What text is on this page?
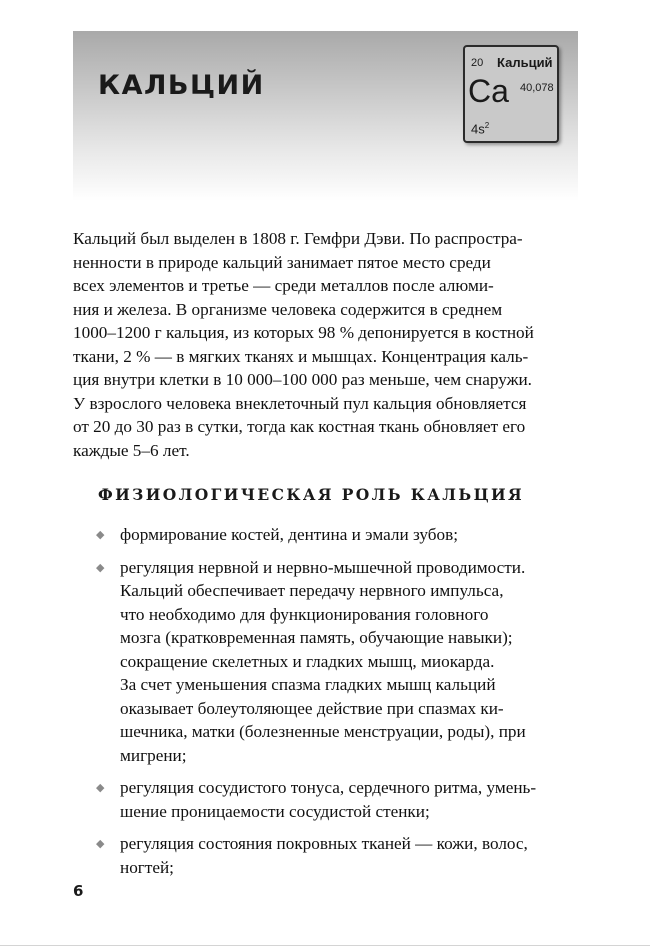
КАЛЬЦИЙ
20 Кальций
Ca 40,078
$4s^2$

Кальций был выделен в 1808 г. Гемфри Дэви. По распростра-
ненности в природе кальций занимает пятое место среди
всех элементов и третье — среди металлов после алюми-
ния и железа. В организме человека содержится в среднем
1000–1200 г кальция, из которых 98 % депонируется в костной
ткани, 2 % — в мягких тканях и мышцах. Концентрация каль-
ция внутри клетки в 10 000–100 000 раз меньше, чем снаружи.
У взрослого человека внеклеточный пул кальция обновляется
от 20 до 30 раз в сутки, тогда как костная ткань обновляет его
каждые 5–6 лет.

ФИЗИОЛОГИЧЕСКАЯ РОЛЬ КАЛЬЦИЯ
◆ формирование костей, дентина и эмали зубов;
◆ регуляция нервной и нервно-мышечной проводимости.
Кальций обеспечивает передачу нервного импульса,
что необходимо для функционирования головного
мозга (кратковременная память, обучающие навыки);
сокращение скелетных и гладких мышц, миокарда.
За счет уменьшения спазма гладких мышц кальций
оказывает болеутоляющее действие при спазмах ки-
шечника, матки (болезненные менструации, роды), при
мигрени;
◆ регуляция сосудистого тонуса, сердечного ритма, умень-
шение проницаемости сосудистой стенки;
◆ регуляция состояния покровных тканей — кожи, волос,
ногтей;
6
